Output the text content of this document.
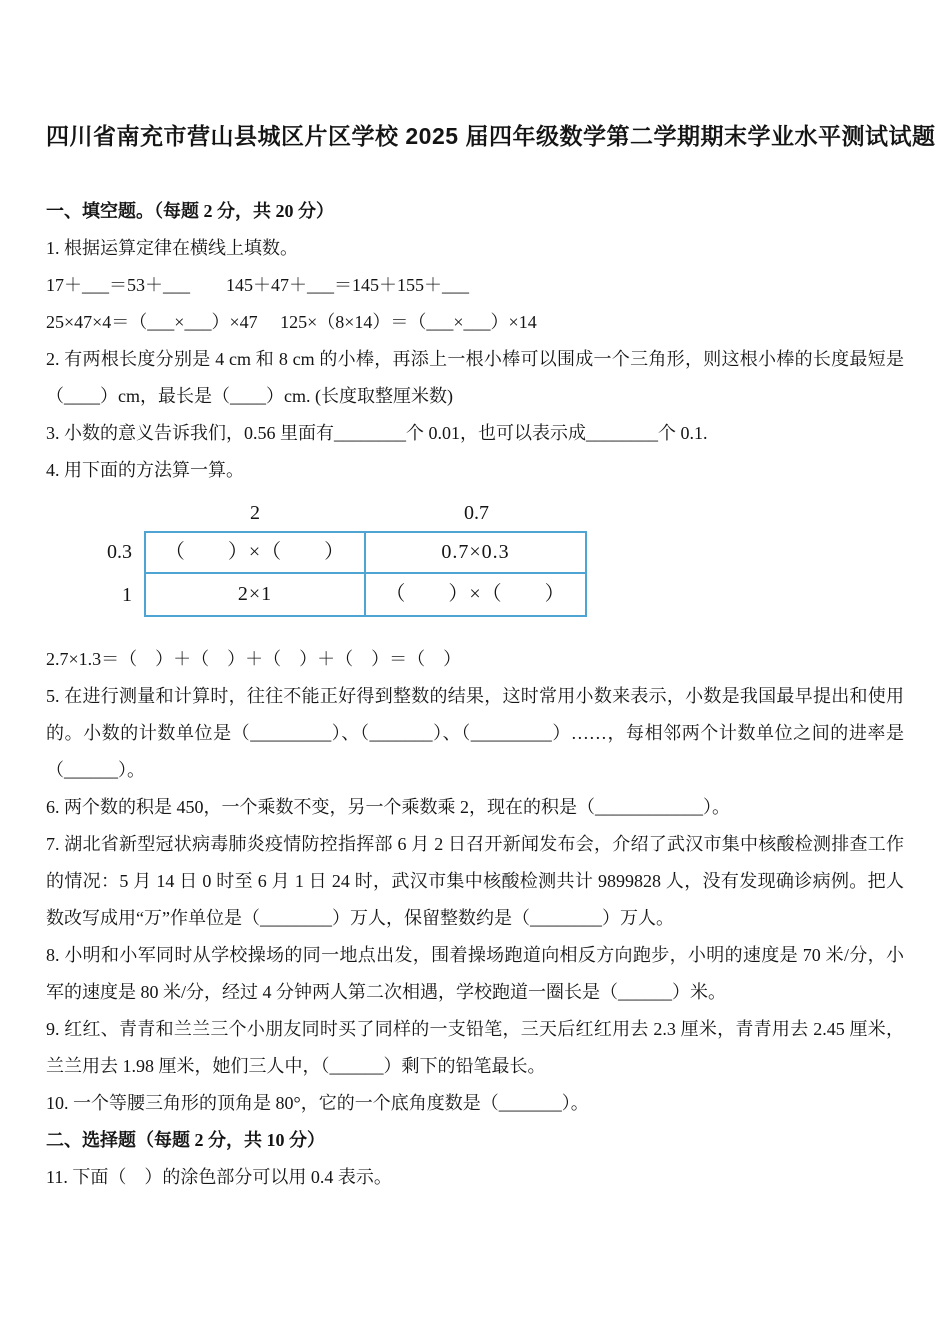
四川省南充市营山县城区片区学校 2025 届四年级数学第二学期期末学业水平测试试题

一、填空题。（每题 2 分，共 20 分）

1. 根据运算定律在横线上填数。

17＋___＝53＋___　　145＋47＋___＝145＋155＋___

25×47×4＝（___×___）×47　 125×（8×14）＝（___×___）×14

2. 有两根长度分别是 4 cm 和 8 cm 的小棒，再添上一根小棒可以围成一个三角形，则这根小棒的长度最短是（____）cm，最长是（____）cm. (长度取整厘米数)

3. 小数的意义告诉我们，0.56 里面有________个 0.01，也可以表示成________个 0.1.

4. 用下面的方法算一算。

2	0.7
0.3	（　　）×（　　）	0.7×0.3
1	2×1	（　　）×（　　）

2.7×1.3＝（　）＋（　）＋（　）＋（　）＝（　）

5. 在进行测量和计算时，往往不能正好得到整数的结果，这时常用小数来表示，小数是我国最早提出和使用的。小数的计数单位是（_________）、（_______）、（_________）……，每相邻两个计数单位之间的进率是（______）。

6. 两个数的积是 450，一个乘数不变，另一个乘数乘 2，现在的积是（____________）。

7. 湖北省新型冠状病毒肺炎疫情防控指挥部 6 月 2 日召开新闻发布会，介绍了武汉市集中核酸检测排查工作的情况：5 月 14 日 0 时至 6 月 1 日 24 时，武汉市集中核酸检测共计 9899828 人，没有发现确诊病例。把人数改写成用“万”作单位是（________）万人，保留整数约是（________）万人。

8. 小明和小军同时从学校操场的同一地点出发，围着操场跑道向相反方向跑步，小明的速度是 70 米/分，小军的速度是 80 米/分，经过 4 分钟两人第二次相遇，学校跑道一圈长是（______）米。

9. 红红、青青和兰兰三个小朋友同时买了同样的一支铅笔，三天后红红用去 2.3 厘米，青青用去 2.45 厘米，兰兰用去 1.98 厘米，她们三人中，（______）剩下的铅笔最长。

10. 一个等腰三角形的顶角是 80°，它的一个底角度数是（_______）。

二、选择题（每题 2 分，共 10 分）

11. 下面（　）的涂色部分可以用 0.4 表示。
